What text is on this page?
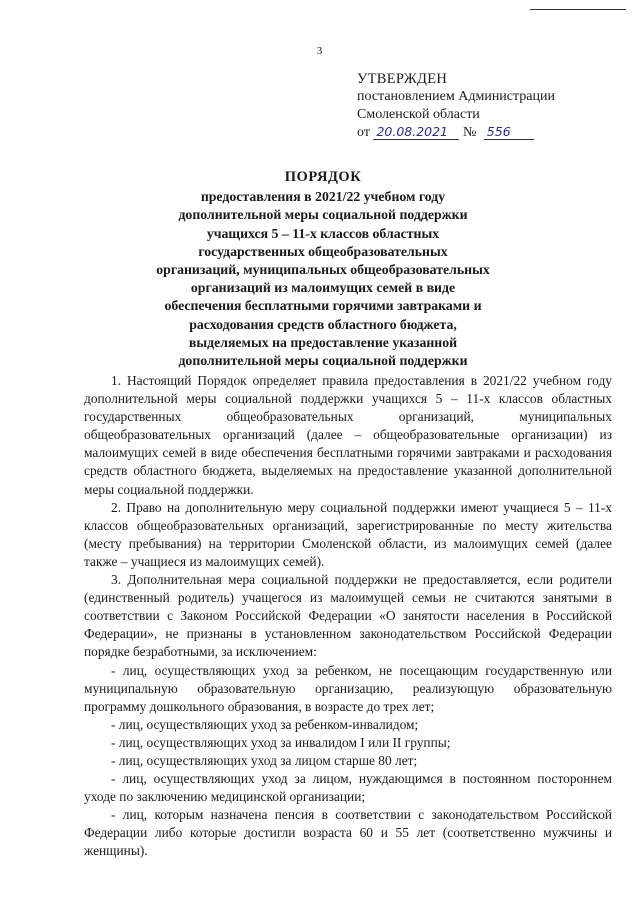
3
УТВЕРЖДЕН
постановлением Администрации
Смоленской области
от 20.08.2021 № 556
ПОРЯДОК
предоставления в 2021/22 учебном году
дополнительной меры социальной поддержки
учащихся 5 – 11-х классов областных
государственных общеобразовательных
организаций, муниципальных общеобразовательных
организаций из малоимущих семей в виде
обеспечения бесплатными горячими завтраками и
расходования средств областного бюджета,
выделяемых на предоставление указанной
дополнительной меры социальной поддержки

1. Настоящий Порядок определяет правила предоставления в 2021/22 учебном году дополнительной меры социальной поддержки учащихся 5 – 11-х классов областных государственных общеобразовательных организаций, муниципальных общеобразовательных организаций (далее – общеобразовательные организации) из малоимущих семей в виде обеспечения бесплатными горячими завтраками и расходования средств областного бюджета, выделяемых на предоставление указанной дополнительной меры социальной поддержки.

2. Право на дополнительную меру социальной поддержки имеют учащиеся 5 – 11-х классов общеобразовательных организаций, зарегистрированные по месту жительства (месту пребывания) на территории Смоленской области, из малоимущих семей (далее также – учащиеся из малоимущих семей).

3. Дополнительная мера социальной поддержки не предоставляется, если родители (единственный родитель) учащегося из малоимущей семьи не считаются занятыми в соответствии с Законом Российской Федерации «О занятости населения в Российской Федерации», не признаны в установленном законодательством Российской Федерации порядке безработными, за исключением:

- лиц, осуществляющих уход за ребенком, не посещающим государственную или муниципальную образовательную организацию, реализующую образовательную программу дошкольного образования, в возрасте до трех лет;

- лиц, осуществляющих уход за ребенком-инвалидом;

- лиц, осуществляющих уход за инвалидом I или II группы;

- лиц, осуществляющих уход за лицом старше 80 лет;

- лиц, осуществляющих уход за лицом, нуждающимся в постоянном постороннем уходе по заключению медицинской организации;

- лиц, которым назначена пенсия в соответствии с законодательством Российской Федерации либо которые достигли возраста 60 и 55 лет (соответственно мужчины и женщины).
